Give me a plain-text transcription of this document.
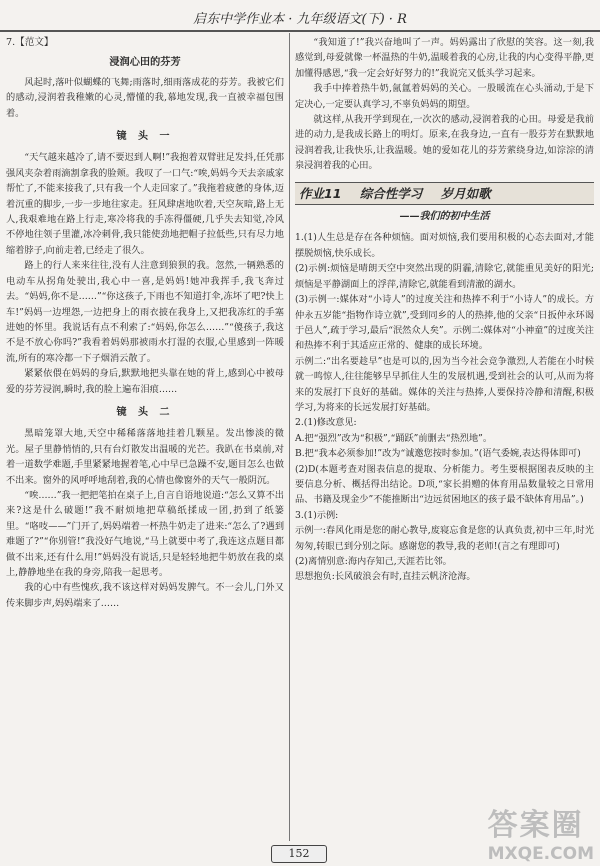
启东中学作业本 · 九年级语文(下) · R
7.【范文】
浸润心田的芬芳

风起时,落叶似蝴蝶的飞舞;雨落时,细雨落成花的芬芳。我被它们的感动,浸润着我稚嫩的心灵,懵懂的我,慕地发现,我一直被幸福包围着。

镜 头 一

“天气越来越冷了,请不要迟到人啊!”我抱着双臂驻足发抖,任凭那强风夹杂着雨滴割拿我的脸颊。我叹了一口气:“唉,妈妈今天去亲戚家帮忙了,不能来接我了,只有我一个人走回家了。”我拖着疲惫的身体,迈着沉重的脚步,一步一步地往家走。狂风肆虐地吹着,天空灰暗,路上无人,我艰难地在路上行走,寒冷将我的手冻得僵硬,几乎失去知觉,冷风不停地往领子里灌,冰冷刺骨,我只能使劲地把帽子拉低些,只有尽力地缩着脖子,向前走着,已经走了很久。

路上的行人来来往往,没有人注意到狼狈的我。忽然,一辆熟悉的电动车从拐角处驶出,我心中一喜,是妈妈!她冲我挥手,我飞奔过去。“妈妈,你不是……”“你这孩子,下雨也不知道打伞,冻坏了吧?快上车!”妈妈一边埋怨,一边把身上的雨衣披在我身上,又把我冻红的手塞进她的怀里。我说话有点不利索了:“妈妈,你怎么……”“傻孩子,我这不是不放心你吗?”我看着妈妈那被雨水打湿的衣服,心里感到一阵暖流,所有的寒冷都一下子烟消云散了。

紧紧依偎在妈妈的身后,默默地把头靠在她的背上,感到心中被母爱的芬芳浸润,瞬时,我的脸上遍布泪痕……

镜 头 二

黑暗笼罩大地,天空中稀稀落落地挂着几颗星。发出惨淡的微光。屋子里静悄悄的,只有台灯散发出温暖的光芒。我趴在书桌前,对着一道数学难题,手里紧紧地握着笔,心中早已急躁不安,题目怎么也做不出来。窗外的风呼呼地刮着,我的心情也像窗外的天气一般阴沉。

“唉……”我一把把笔拍在桌子上,自言自语地说道:“怎么又算不出来?这是什么破题!”我不耐烦地把草稿纸揉成一团,扔到了纸篓里。“咯吱——”门开了,妈妈端着一杯热牛奶走了进来:“怎么了?遇到难题了?”“你别管!”我没好气地说,“马上就要中考了,我连这点题目都做不出来,还有什么用!”妈妈没有说话,只是轻轻地把牛奶放在我的桌上,静静地坐在我的身旁,陪我一起思考。

我的心中有些愧疚,我不该这样对妈妈发脾气。不一会儿,门外又传来脚步声,妈妈端来了……

“我知道了!”我兴奋地叫了一声。妈妈露出了欣慰的笑容。这一刻,我感觉到,母爱就像一杯温热的牛奶,温暖着我的心房,让我的内心变得平静,更加懂得感恩,“我一定会好好努力的!”我说完又低头学习起来。

我手中捧着热牛奶,氤氲着妈妈的关心。一股暖流在心头涌动,于是下定决心,一定要认真学习,不辜负妈妈的期望。

就这样,从我开学到现在,一次次的感动,浸润着我的心田。母爱是我前进的动力,是我成长路上的明灯。原来,在我身边,一直有一股芬芳在默默地浸润着我,让我快乐,让我温暖。她的爱如花儿的芬芳萦绕身边,如淙淙的清泉浸润着我的心田。

作业11 综合性学习 岁月如歌
——我们的初中生活

1.(1)人生总是存在各种烦恼。面对烦恼,我们要用积极的心态去面对,才能摆脱烦恼,快乐成长。

(2)示例:烦恼是晴朗天空中突然出现的阴霾,清除它,就能重见美好的阳光;烦恼是平静湖面上的浮萍,清除它,就能看到清澈的湖水。

(3)示例一:媒体对“小诗人”的过度关注和热捧不利于“小诗人”的成长。方仲永五岁能“指物作诗立就”,受到同乡的人的热捧,他的父亲“日扳仲永环谒于邑人”,疏于学习,最后“泯然众人矣”。示例二:媒体对“小神童”的过度关注和热捧不利于其适应正常的、健康的成长环境。

示例二:“出名要趁早”也是可以的,因为当今社会竞争激烈,人若能在小时候就一鸣惊人,往往能够早早抓住人生的发展机遇,受到社会的认可,从而为将来的发展打下良好的基础。媒体的关注与热捧,人要保持冷静和清醒,积极学习,为将来的长远发展打好基础。

2.(1)修改意见:

A.把“强烈”改为“积极”,“踊跃”前删去“热烈地”。

B.把“我本必须参加!”改为“诚邀您按时参加。”(语气委婉,表达得体即可)

(2)D(本题考查对图表信息的提取、分析能力。考生要根据图表反映的主要信息分析、概括得出结论。D项,“家长捐赠的体育用品数量较之日常用品、书籍及现金少”不能推断出“边远贫困地区的孩子最不缺体育用品”。)

3.(1)示例:

示例一:春风化雨是您的耐心教导,废寝忘食是您的认真负责,初中三年,时光匆匆,转眼已到分别之际。感谢您的教导,我的老师!(言之有理即可)

(2)离情别意:海内存知己,天涯若比邻。

思想抱负:长风破浪会有时,直挂云帆济沧海。

152
答案圈
MXQE.COM
